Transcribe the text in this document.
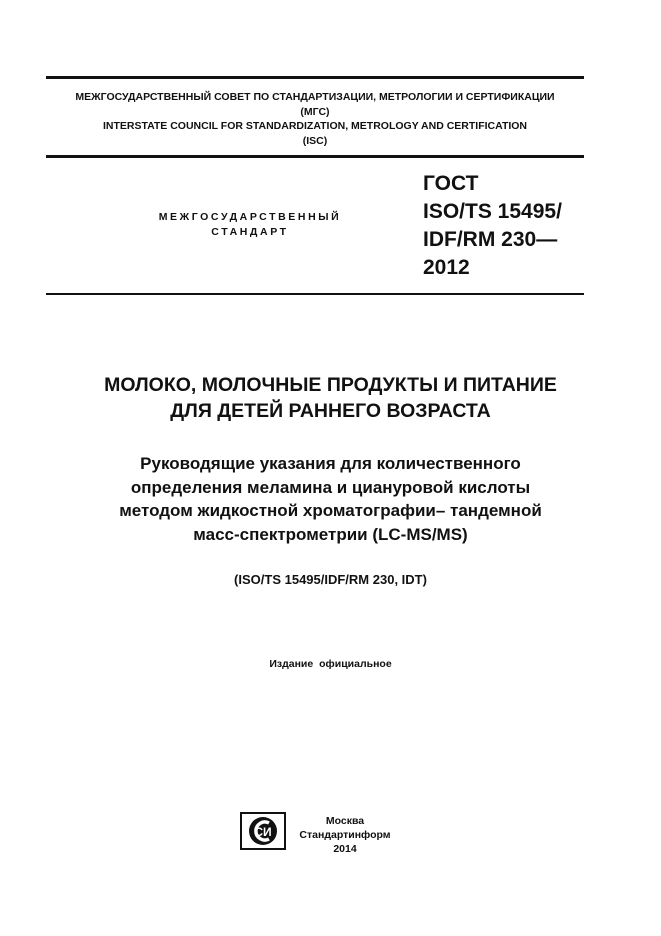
МЕЖГОСУДАРСТВЕННЫЙ СОВЕТ ПО СТАНДАРТИЗАЦИИ, МЕТРОЛОГИИ И СЕРТИФИКАЦИИ
(МГС)
INTERSTATE COUNCIL FOR STANDARDIZATION, METROLOGY AND CERTIFICATION
(ISC)
МЕЖГОСУДАРСТВЕННЫЙ
СТАНДАРТ
ГОСТ
ISO/TS 15495/
IDF/RM 230—
2012
МОЛОКО, МОЛОЧНЫЕ ПРОДУКТЫ И ПИТАНИЕ
ДЛЯ ДЕТЕЙ РАННЕГО ВОЗРАСТА
Руководящие указания для количественного
определения меламина и циануровой кислоты
методом жидкостной хроматографии– тандемной
масс-спектрометрии (LC-MS/MS)
(ISO/TS 15495/IDF/RM 230, IDT)
Издание официальное
СИ
Москва
Стандартинформ
2014
